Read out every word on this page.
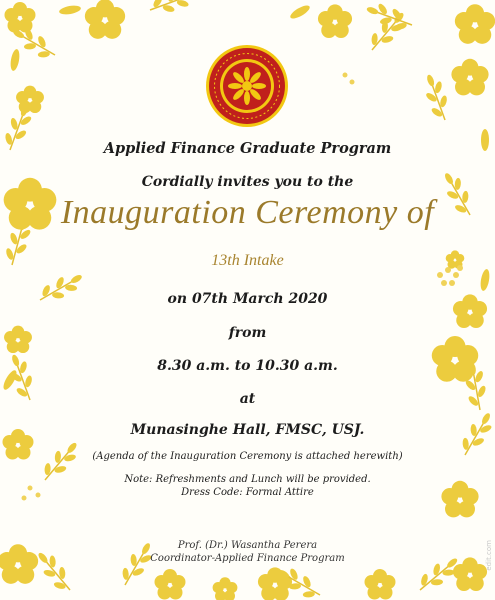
Applied Finance Graduate Program
Cordially invites you to the
Inauguration Ceremony of
13th Intake
on 07th March 2020
from
8.30 a.m. to 10.30 a.m.
at
Munasinghe Hall, FMSC, USJ.
(Agenda of the Inauguration Ceremony is attached herewith)
Note: Refreshments and Lunch will be provided.
Dress Code: Formal Attire
Prof. (Dr.) Wasantha Perera
Coordinator-Applied Finance Program	edit.com
